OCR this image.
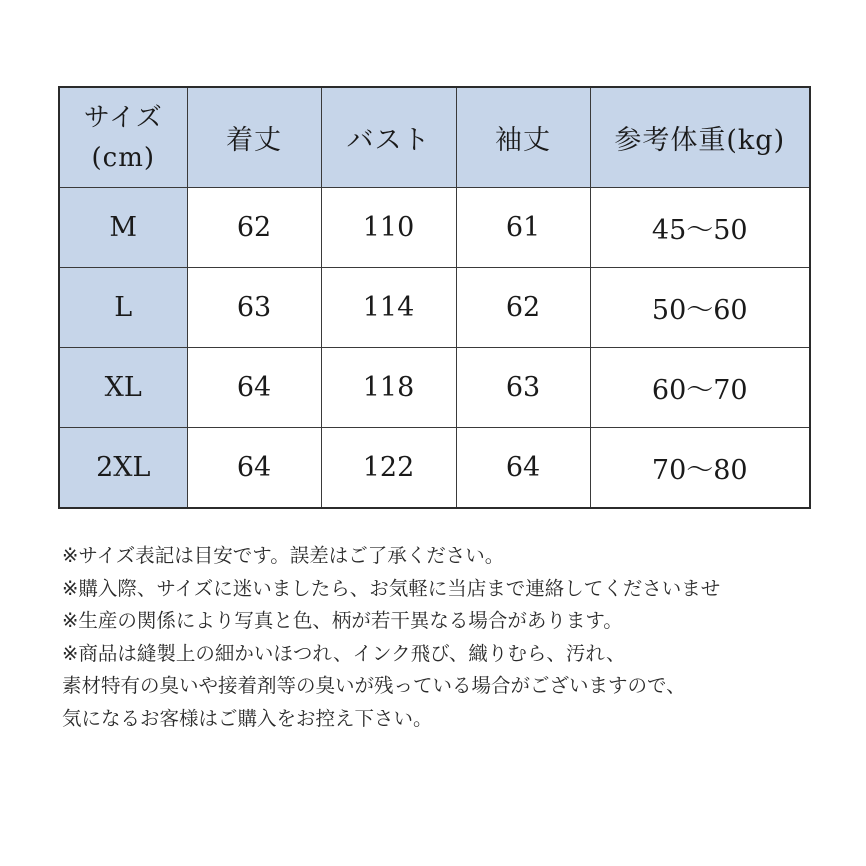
サイズ
(cm)	着丈	バスト	袖丈	参考体重(kg)
M	62	110	61	45〜50
L	63	114	62	50〜60
XL	64	118	63	60〜70
2XL	64	122	64	70〜80
※サイズ表記は目安です。誤差はご了承ください。
※購入際、サイズに迷いましたら、お気軽に当店まで連絡してくださいませ
※生産の関係により写真と色、柄が若干異なる場合があります。
※商品は縫製上の細かいほつれ、インク飛び、織りむら、汚れ、
素材特有の臭いや接着剤等の臭いが残っている場合がございますので、
気になるお客様はご購入をお控え下さい。
